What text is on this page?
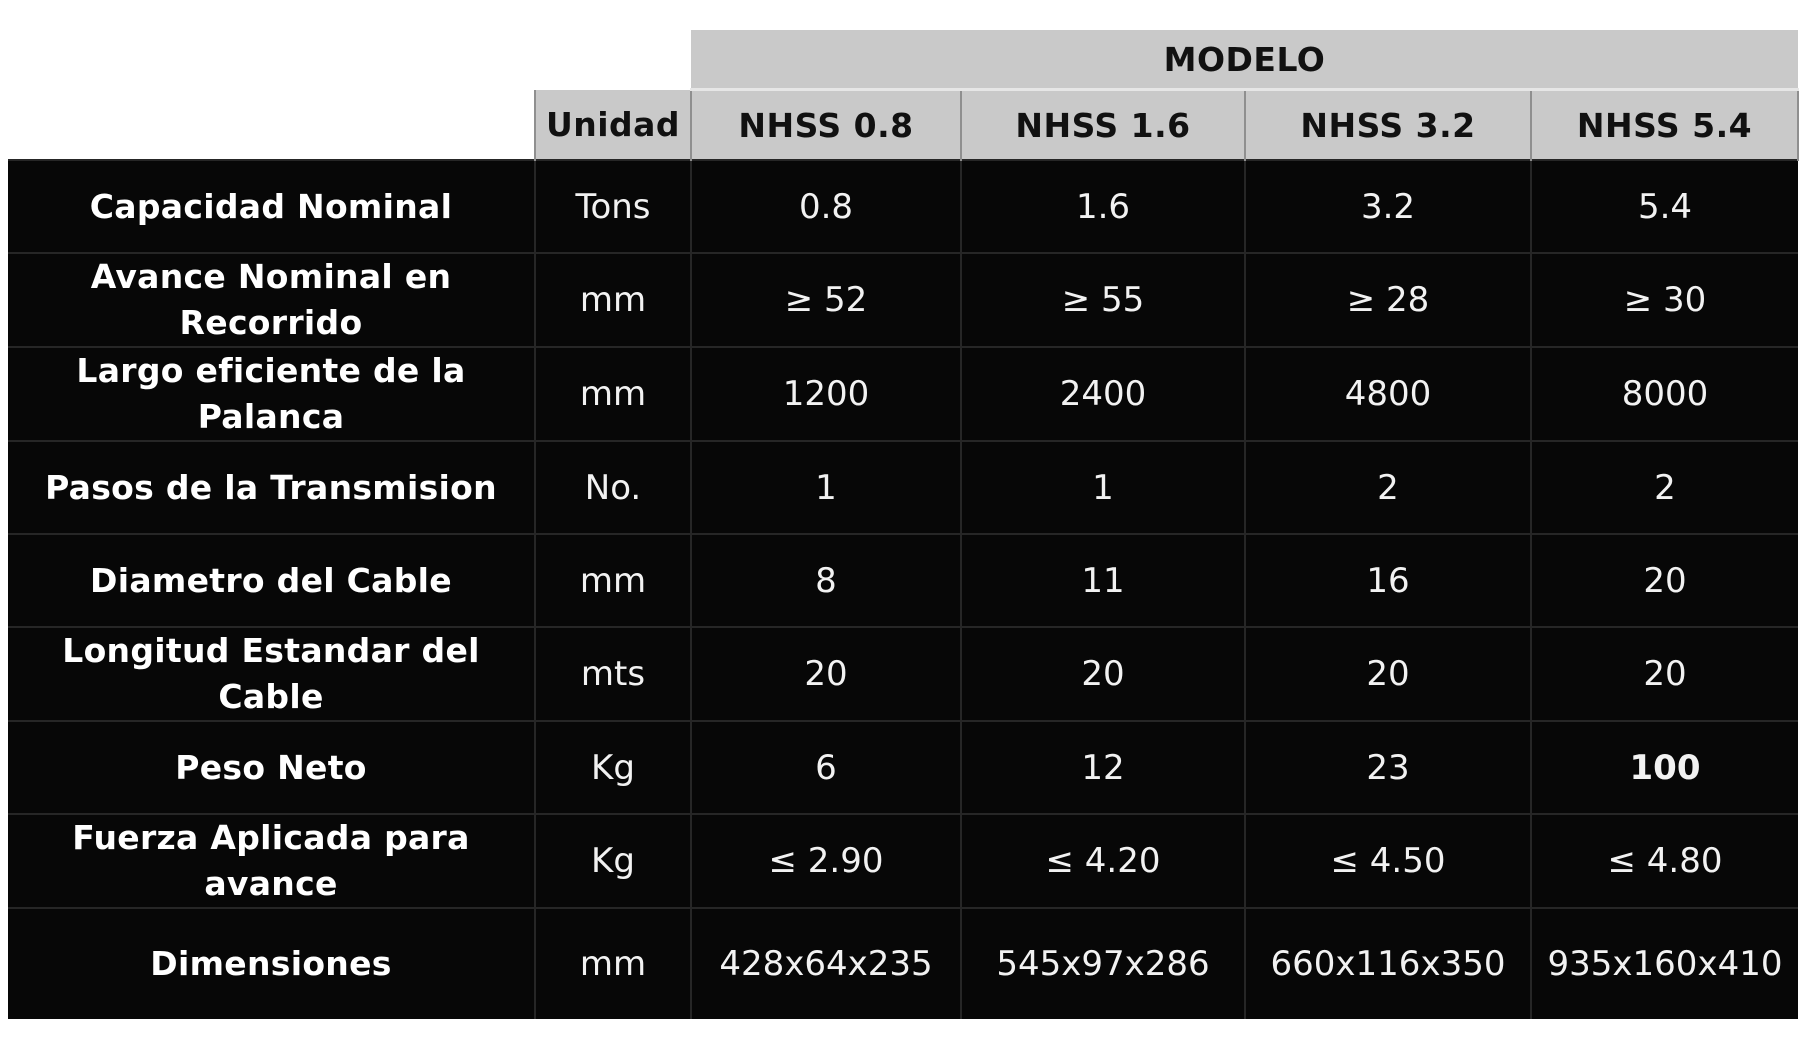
		MODELO			
	Unidad	NHSS 0.8	NHSS 1.6	NHSS 3.2	NHSS 5.4
Capacidad Nominal	Tons	0.8	1.6	3.2	5.4
Avance Nominal en Recorrido	mm	≥ 52	≥ 55	≥ 28	≥ 30
Largo eficiente de la Palanca	mm	1200	2400	4800	8000
Pasos de la Transmision	No.	1	1	2	2
Diametro del Cable	mm	8	11	16	20
Longitud Estandar del Cable	mts	20	20	20	20
Peso Neto	Kg	6	12	23	100
Fuerza Aplicada para avance	Kg	≤ 2.90	≤ 4.20	≤ 4.50	≤ 4.80
Dimensiones	mm	428x64x235	545x97x286	660x116x350	935x160x410
